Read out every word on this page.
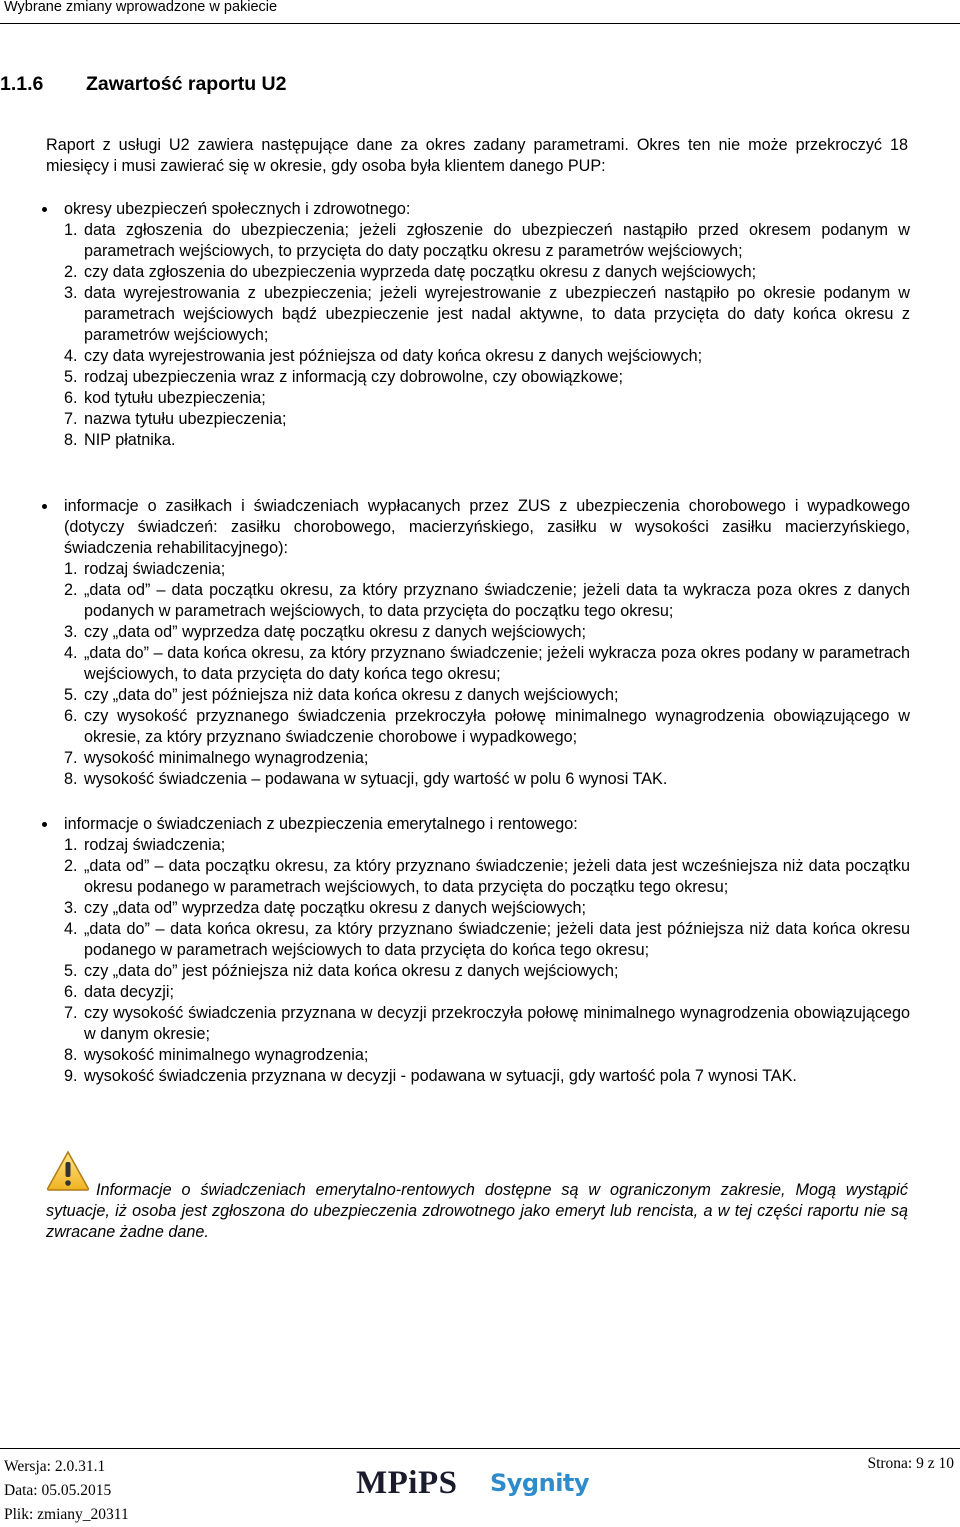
Wybrane zmiany wprowadzone w pakiecie
1.1.6 Zawartość raportu U2
Raport z usługi U2 zawiera następujące dane za okres zadany parametrami. Okres ten nie może przekroczyć 18 miesięcy i musi zawierać się w okresie, gdy osoba była klientem danego PUP:
okresy ubezpieczeń społecznych i zdrowotnego:
1. data zgłoszenia do ubezpieczenia; jeżeli zgłoszenie do ubezpieczeń nastąpiło przed okresem podanym w parametrach wejściowych, to przycięta do daty początku okresu z parametrów wejściowych;
2. czy data zgłoszenia do ubezpieczenia wyprzeda datę początku okresu z danych wejściowych;
3. data wyrejestrowania z ubezpieczenia; jeżeli wyrejestrowanie z ubezpieczeń nastąpiło po okresie podanym w parametrach wejściowych bądź ubezpieczenie jest nadal aktywne, to data przycięta do daty końca okresu z parametrów wejściowych;
4. czy data wyrejestrowania jest późniejsza od daty końca okresu z danych wejściowych;
5. rodzaj ubezpieczenia wraz z informacją czy dobrowolne, czy obowiązkowe;
6. kod tytułu ubezpieczenia;
7. nazwa tytułu ubezpieczenia;
8. NIP płatnika.
informacje o zasiłkach i świadczeniach wypłacanych przez ZUS z ubezpieczenia chorobowego i wypadkowego (dotyczy świadczeń: zasiłku chorobowego, macierzyńskiego, zasiłku w wysokości zasiłku macierzyńskiego, świadczenia rehabilitacyjnego):
1. rodzaj świadczenia;
2. „data od” – data początku okresu, za który przyznano świadczenie; jeżeli data ta wykracza poza okres z danych podanych w parametrach wejściowych, to data przycięta do początku tego okresu;
3. czy „data od” wyprzedza datę początku okresu z danych wejściowych;
4. „data do” – data końca okresu, za który przyznano świadczenie; jeżeli wykracza poza okres podany w parametrach wejściowych, to data przycięta do daty końca tego okresu;
5. czy „data do” jest późniejsza niż data końca okresu z danych wejściowych;
6. czy wysokość przyznanego świadczenia przekroczyła połowę minimalnego wynagrodzenia obowiązującego w okresie, za który przyznano świadczenie chorobowe i wypadkowego;
7. wysokość minimalnego wynagrodzenia;
8. wysokość świadczenia – podawana w sytuacji, gdy wartość w polu 6 wynosi TAK.
informacje o świadczeniach z ubezpieczenia emerytalnego i rentowego:
1. rodzaj świadczenia;
2. „data od” – data początku okresu, za który przyznano świadczenie; jeżeli data jest wcześniejsza niż data początku okresu podanego w parametrach wejściowych, to data przycięta do początku tego okresu;
3. czy „data od” wyprzedza datę początku okresu z danych wejściowych;
4. „data do” – data końca okresu, za który przyznano świadczenie; jeżeli data jest późniejsza niż data końca okresu podanego w parametrach wejściowych to data przycięta do końca tego okresu;
5. czy „data do” jest późniejsza niż data końca okresu z danych wejściowych;
6. data decyzji;
7. czy wysokość świadczenia przyznana w decyzji przekroczyła połowę minimalnego wynagrodzenia obowiązującego w danym okresie;
8. wysokość minimalnego wynagrodzenia;
9. wysokość świadczenia przyznana w decyzji - podawana w sytuacji, gdy wartość pola 7 wynosi TAK.
Informacje o świadczeniach emerytalno-rentowych dostępne są w ograniczonym zakresie, Mogą wystąpić sytuacje, iż osoba jest zgłoszona do ubezpieczenia zdrowotnego jako emeryt lub rencista, a w tej części raportu nie są zwracane żadne dane.
Wersja: 2.0.31.1
Data: 05.05.2015
Plik: zmiany_20311
MPiPS Sygnity
Strona: 9 z 10
